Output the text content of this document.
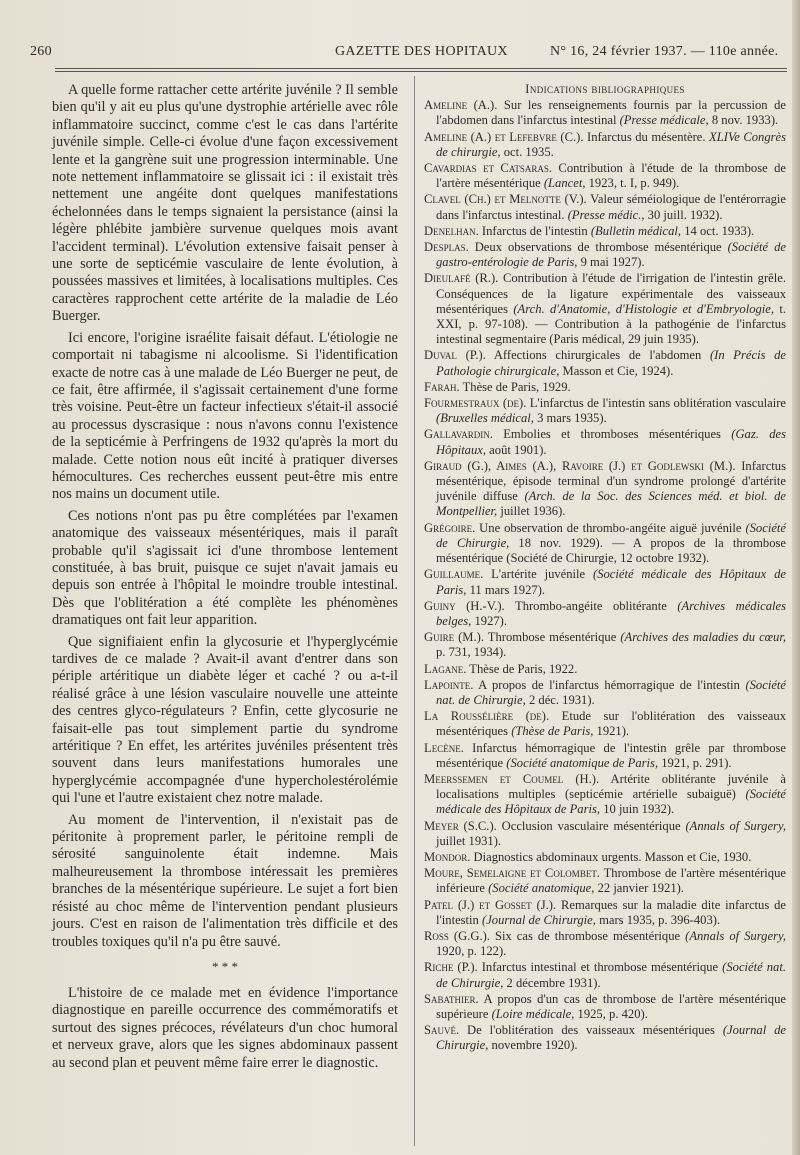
260	GAZETTE DES HOPITAUX	N° 16, 24 février 1937. — 110e année.

A quelle forme rattacher cette artérite juvénile ? Il semble bien qu'il y ait eu plus qu'une dystrophie artérielle avec rôle inflammatoire succinct, comme c'est le cas dans l'artérite juvénile simple. Celle-ci évolue d'une façon excessivement lente et la gangrène suit une progression interminable. Une note nettement inflammatoire se glissait ici : il existait très nettement une angéite dont quelques manifestations échelonnées dans le temps signaient la persistance (ainsi la légère phlébite jambière survenue quelques mois avant l'accident terminal). L'évolution extensive faisait penser à une sorte de septicémie vasculaire de lente évolution, à poussées massives et limitées, à localisations multiples. Ces caractères rapprochent cette artérite de la maladie de Léo Buerger.

Ici encore, l'origine israélite faisait défaut. L'étiologie ne comportait ni tabagisme ni alcoolisme. Si l'identification exacte de notre cas à une malade de Léo Buerger ne peut, de ce fait, être affirmée, il s'agissait certainement d'une forme très voisine. Peut-être un facteur infectieux s'était-il associé au processus dyscrasique : nous n'avons connu l'existence de la septicémie à Perfringens de 1932 qu'après la mort du malade. Cette notion nous eût incité à pratiquer diverses hémocultures. Ces recherches eussent peut-être mis entre nos mains un document utile.

Ces notions n'ont pas pu être complétées par l'examen anatomique des vaisseaux mésentériques, mais il paraît probable qu'il s'agissait ici d'une thrombose lentement constituée, à bas bruit, puisque ce sujet n'avait jamais eu depuis son entrée à l'hôpital le moindre trouble intestinal. Dès que l'oblitération a été complète les phénomènes dramatiques ont fait leur apparition.

Que signifiaient enfin la glycosurie et l'hyperglycémie tardives de ce malade ? Avait-il avant d'entrer dans son périple artéritique un diabète léger et caché ? ou a-t-il réalisé grâce à une lésion vasculaire nouvelle une atteinte des centres glyco-régulateurs ? Enfin, cette glycosurie ne faisait-elle pas tout simplement partie du syndrome artéritique ? En effet, les artérites juvéniles présentent très souvent dans leurs manifestations humorales une hyperglycémie accompagnée d'une hypercholestérolémie qui l'une et l'autre existaient chez notre malade.

Au moment de l'intervention, il n'existait pas de péritonite à proprement parler, le péritoine rempli de sérosité sanguinolente était indemne. Mais malheureusement la thrombose intéressait les premières branches de la mésentérique supérieure. Le sujet a fort bien résisté au choc même de l'intervention pendant plusieurs jours. C'est en raison de l'alimentation très difficile et des troubles toxiques qu'il n'a pu être sauvé.

* * *

L'histoire de ce malade met en évidence l'importance diagnostique en pareille occurrence des commémoratifs et surtout des signes précoces, révélateurs d'un choc humoral et nerveux grave, alors que les signes abdominaux passent au second plan et peuvent même faire errer le diagnostic.

Indications bibliographiques

Ameline (A.). Sur les renseignements fournis par la percussion de l'abdomen dans l'infarctus intestinal (Presse médicale, 8 nov. 1933).

Ameline (A.) et Lefebvre (C.). Infarctus du mésentère. XLIVe Congrès de chirurgie, oct. 1935.

Cavardias et Catsaras. Contribution à l'étude de la thrombose de l'artère mésentérique (Lancet, 1923, t. I, p. 949).

Clavel (Ch.) et Melnotte (V.). Valeur séméiologique de l'entérorragie dans l'infarctus intestinal. (Presse médic., 30 juill. 1932).

Denelhan. Infarctus de l'intestin (Bulletin médical, 14 oct. 1933).

Desplas. Deux observations de thrombose mésentérique (Société de gastro-entérologie de Paris, 9 mai 1927).

Dieulafé (R.). Contribution à l'étude de l'irrigation de l'intestin grêle. Conséquences de la ligature expérimentale des vaisseaux mésentériques (Arch. d'Anatomie, d'Histologie et d'Embryologie, t. XXI, p. 97-108). — Contribution à la pathogénie de l'infarctus intestinal segmentaire (Paris médical, 29 juin 1935).

Duval (P.). Affections chirurgicales de l'abdomen (In Précis de Pathologie chirurgicale, Masson et Cie, 1924).

Farah. Thèse de Paris, 1929.

Fourmestraux (de). L'infarctus de l'intestin sans oblitération vasculaire (Bruxelles médical, 3 mars 1935).

Gallavardin. Embolies et thromboses mésentériques (Gaz. des Hôpitaux, août 1901).

Giraud (G.), Aimes (A.), Ravoire (J.) et Godlewski (M.). Infarctus mésentérique, épisode terminal d'un syndrome prolongé d'artérite juvénile diffuse (Arch. de la Soc. des Sciences méd. et biol. de Montpellier, juillet 1936).

Grégoire. Une observation de thrombo-angéite aiguë juvénile (Société de Chirurgie, 18 nov. 1929). — A propos de la thrombose mésentérique (Société de Chirurgie, 12 octobre 1932).

Guillaume. L'artérite juvénile (Société médicale des Hôpitaux de Paris, 11 mars 1927).

Guiny (H.-V.). Thrombo-angéite oblitérante (Archives médicales belges, 1927).

Guire (M.). Thrombose mésentérique (Archives des maladies du cœur, p. 731, 1934).

Lagane. Thèse de Paris, 1922.

Lapointe. A propos de l'infarctus hémorragique de l'intestin (Société nat. de Chirurgie, 2 déc. 1931).

La Roussélière (de). Etude sur l'oblitération des vaisseaux mésentériques (Thèse de Paris, 1921).

Lecène. Infarctus hémorragique de l'intestin grêle par thrombose mésentérique (Société anatomique de Paris, 1921, p. 291).

Meerssemen et Coumel (H.). Artérite oblitérante juvénile à localisations multiples (septicémie artérielle subaiguë) (Société médicale des Hôpitaux de Paris, 10 juin 1932).

Meyer (S.C.). Occlusion vasculaire mésentérique (Annals of Surgery, juillet 1931).

Mondor. Diagnostics abdominaux urgents. Masson et Cie, 1930.

Moure, Semelaigne et Colombet. Thrombose de l'artère mésentérique inférieure (Société anatomique, 22 janvier 1921).

Patel (J.) et Gosset (J.). Remarques sur la maladie dite infarctus de l'intestin (Journal de Chirurgie, mars 1935, p. 396-403).

Ross (G.G.). Six cas de thrombose mésentérique (Annals of Surgery, 1920, p. 122).

Riche (P.). Infarctus intestinal et thrombose mésentérique (Société nat. de Chirurgie, 2 décembre 1931).

Sabathier. A propos d'un cas de thrombose de l'artère mésentérique supérieure (Loire médicale, 1925, p. 420).

Sauvé. De l'oblitération des vaisseaux mésentériques (Journal de Chirurgie, novembre 1920).
